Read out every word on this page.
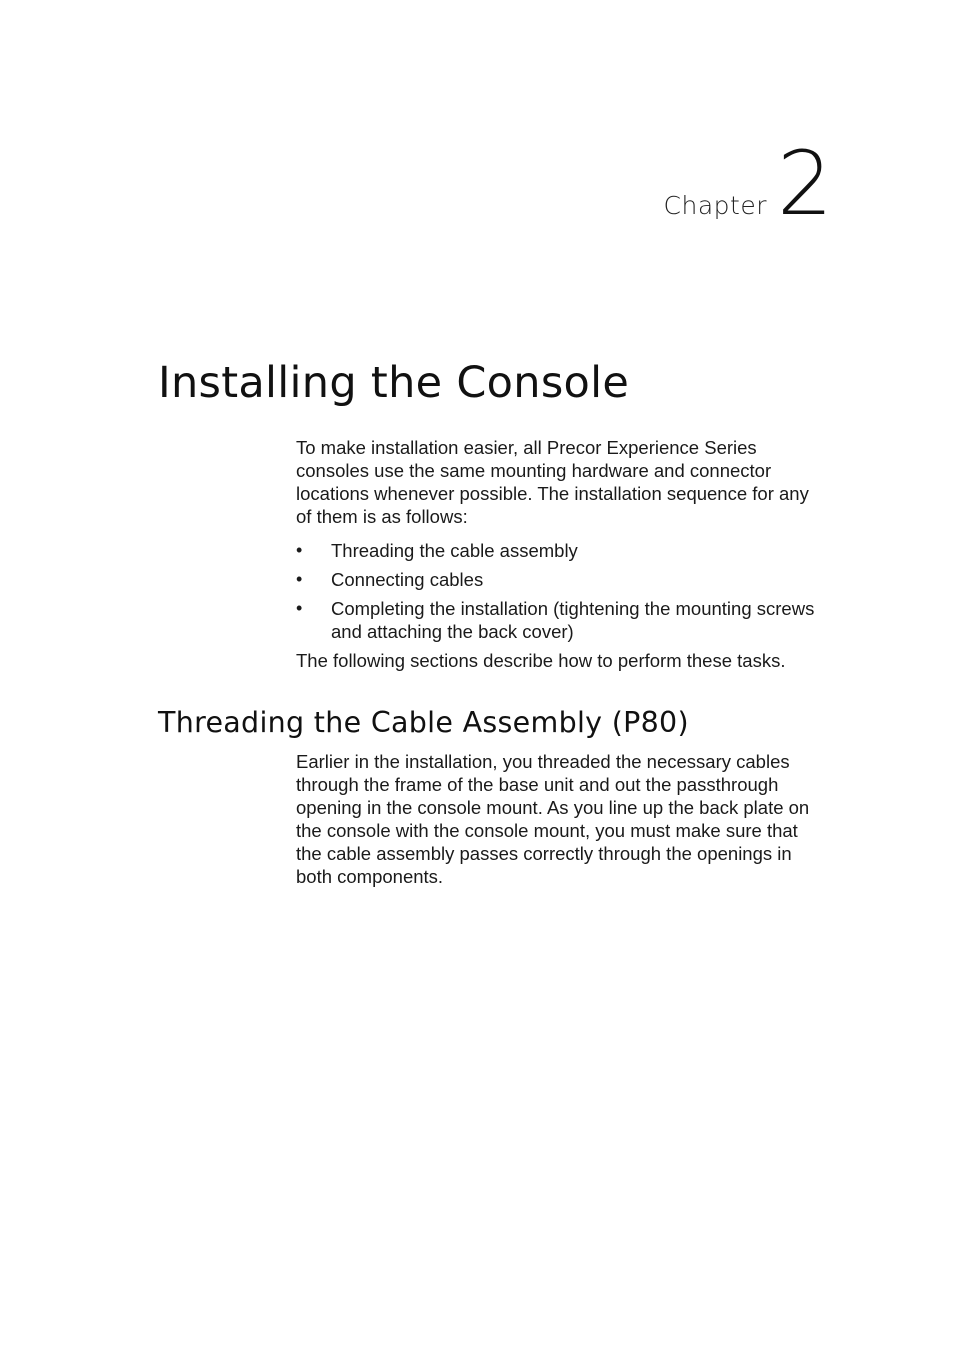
Chapter 2
Installing the Console

To make installation easier, all Precor Experience Series consoles use the same mounting hardware and connector locations whenever possible. The installation sequence for any of them is as follows:

• Threading the cable assembly
• Connecting cables
• Completing the installation (tightening the mounting screws and attaching the back cover)

The following sections describe how to perform these tasks.

Threading the Cable Assembly (P80)

Earlier in the installation, you threaded the necessary cables through the frame of the base unit and out the passthrough opening in the console mount. As you line up the back plate on the console with the console mount, you must make sure that the cable assembly passes correctly through the openings in both components.
